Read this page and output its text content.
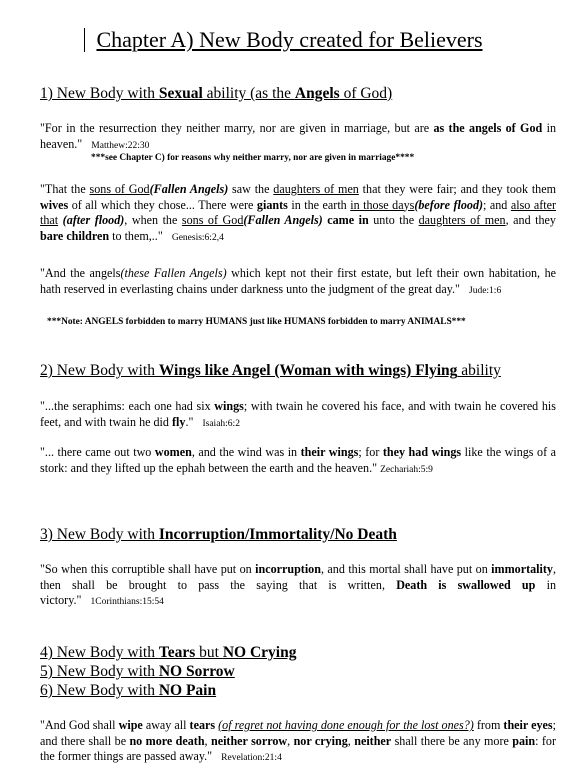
Chapter A) New Body created for Believers
1) New Body with Sexual ability (as the Angels of God)
"For in the resurrection they neither marry, nor are given in marriage, but are as the angels of God in heaven." Matthew:22:30
***see Chapter C) for reasons why neither marry, nor are given in marriage****
"That the sons of God(Fallen Angels) saw the daughters of men that they were fair; and they took them wives of all which they chose... There were giants in the earth in those days(before flood); and also after that (after flood), when the sons of God(Fallen Angels) came in unto the daughters of men, and they bare children to them,.." Genesis:6:2,4
"And the angels(these Fallen Angels) which kept not their first estate, but left their own habitation, he hath reserved in everlasting chains under darkness unto the judgment of the great day." Jude:1:6
***Note: ANGELS forbidden to marry HUMANS just like HUMANS forbidden to marry ANIMALS***
2) New Body with Wings like Angel (Woman with wings) Flying ability
"...the seraphims: each one had six wings; with twain he covered his face, and with twain he covered his feet, and with twain he did fly." Isaiah:6:2
"... there came out two women, and the wind was in their wings; for they had wings like the wings of a stork: and they lifted up the ephah between the earth and the heaven." Zechariah:5:9
3) New Body with Incorruption/Immortality/No Death
"So when this corruptible shall have put on incorruption, and this mortal shall have put on immortality, then shall be brought to pass the saying that is written, Death is swallowed up in victory." 1Corinthians:15:54
4) New Body with Tears but NO Crying
5) New Body with NO Sorrow
6) New Body with NO Pain
"And God shall wipe away all tears (of regret not having done enough for the lost ones?) from their eyes; and there shall be no more death, neither sorrow, nor crying, neither shall there be any more pain: for the former things are passed away." Revelation:21:4
